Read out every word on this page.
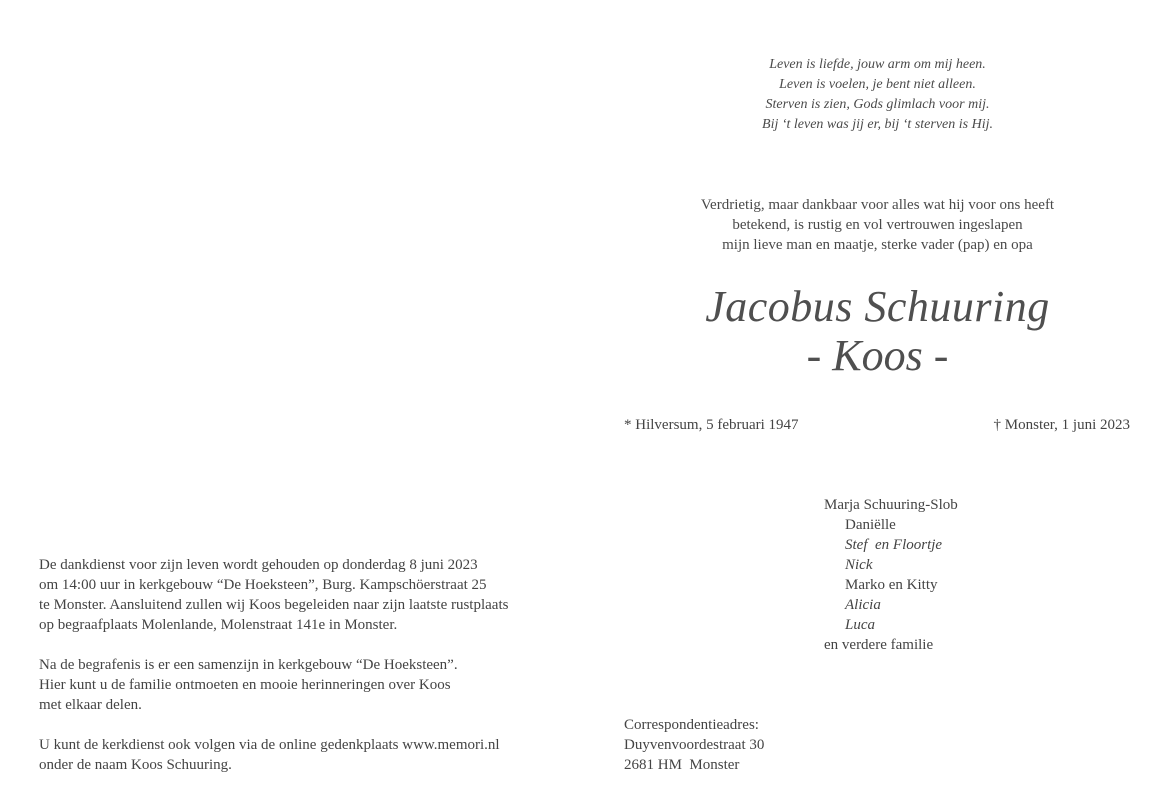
Leven is liefde, jouw arm om mij heen.
Leven is voelen, je bent niet alleen.
Sterven is zien, Gods glimlach voor mij.
Bij ‘t leven was jij er, bij ‘t sterven is Hij.
Verdrietig, maar dankbaar voor alles wat hij voor ons heeft
betekend, is rustig en vol vertrouwen ingeslapen
mijn lieve man en maatje, sterke vader (pap) en opa
Jacobus Schuuring
- Koos -
* Hilversum, 5 februari 1947	† Monster, 1 juni 2023
Marja Schuuring-Slob
Daniëlle
Stef  en Floortje
Nick
Marko en Kitty
Alicia
Luca
en verdere familie
De dankdienst voor zijn leven wordt gehouden op donderdag 8 juni 2023
om 14:00 uur in kerkgebouw “De Hoeksteen”, Burg. Kampschöerstraat 25
te Monster. Aansluitend zullen wij Koos begeleiden naar zijn laatste rustplaats
op begraafplaats Molenlande, Molenstraat 141e in Monster.
Na de begrafenis is er een samenzijn in kerkgebouw “De Hoeksteen”.
Hier kunt u de familie ontmoeten en mooie herinneringen over Koos
met elkaar delen.
U kunt de kerkdienst ook volgen via de online gedenkplaats www.memori.nl
onder de naam Koos Schuuring.
Correspondentieadres:
Duyvenvoordestraat 30
2681 HM  Monster
